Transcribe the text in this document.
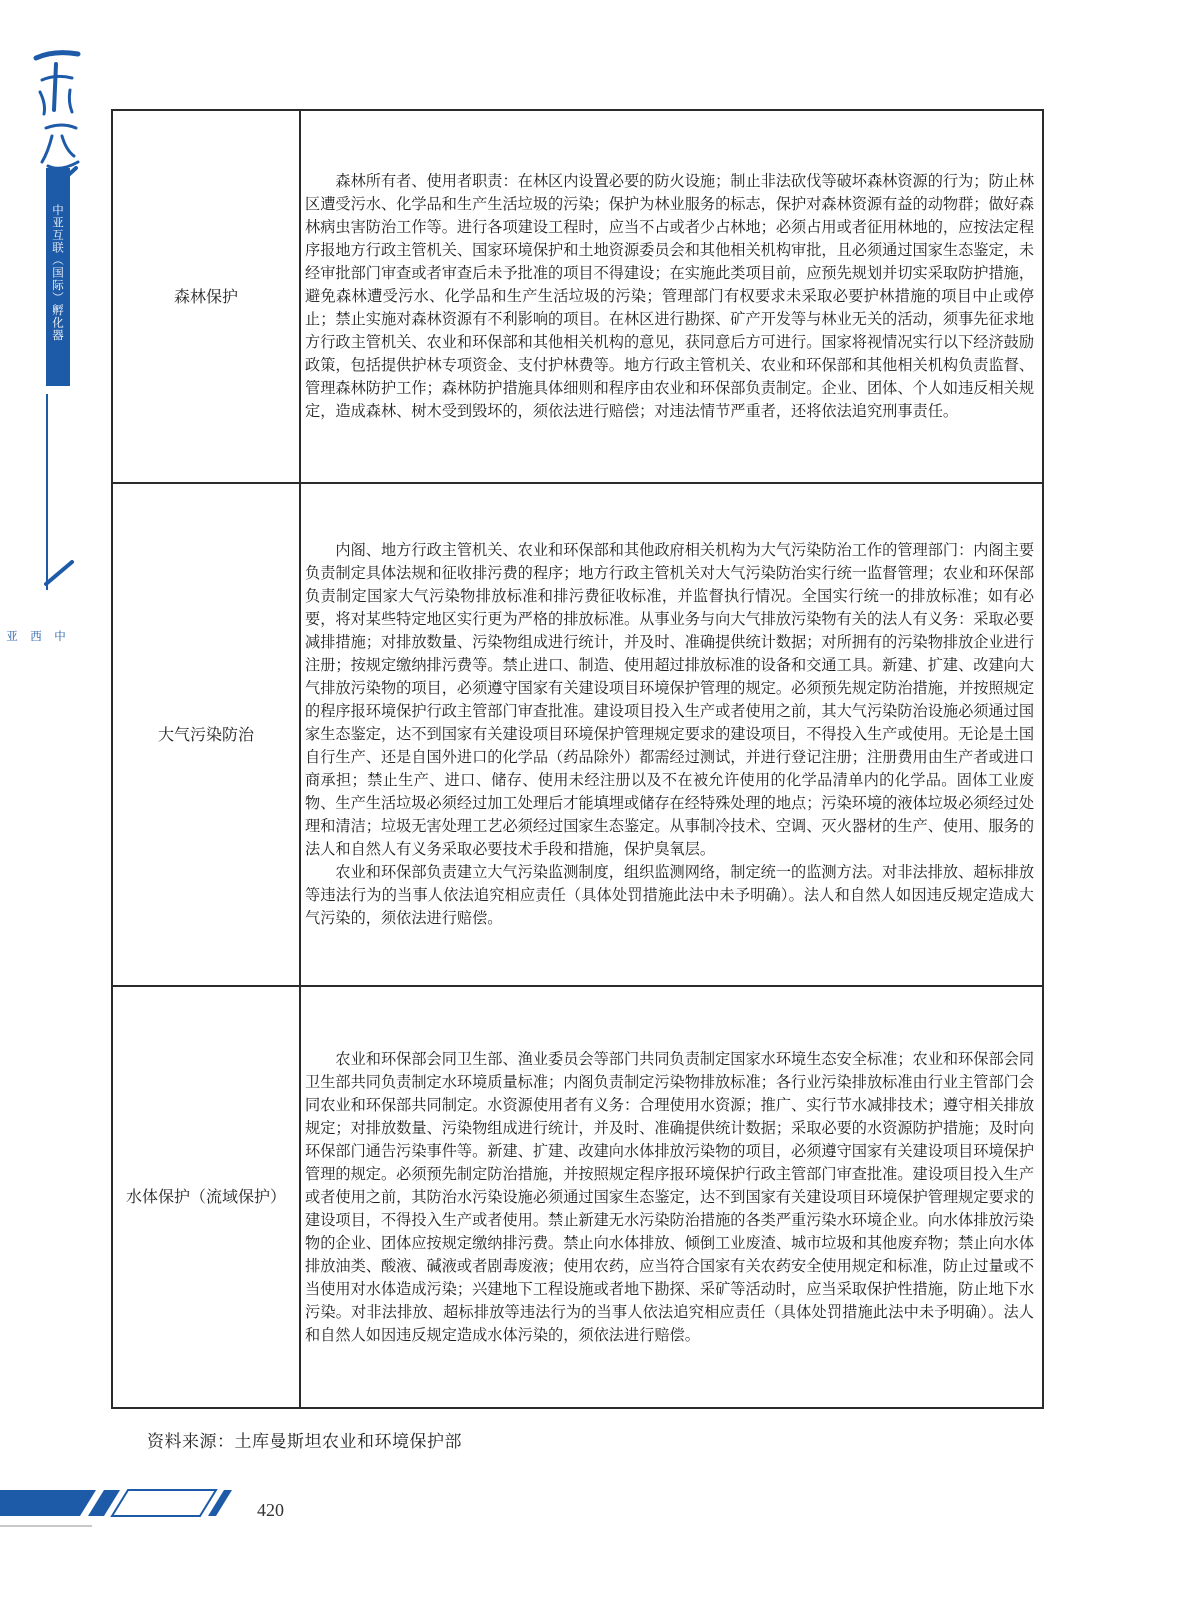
中亚互联（国际）孵化器
中西亚
森林保护	森林所有者、使用者职责：在林区内设置必要的防火设施；制止非法砍伐等破坏森林资源的行为；防止林区遭受污水、化学品和生产生活垃圾的污染；保护为林业服务的标志，保护对森林资源有益的动物群；做好森林病虫害防治工作等。进行各项建设工程时，应当不占或者少占林地；必须占用或者征用林地的，应按法定程序报地方行政主管机关、国家环境保护和土地资源委员会和其他相关机构审批，且必须通过国家生态鉴定，未经审批部门审查或者审查后未予批准的项目不得建设；在实施此类项目前，应预先规划并切实采取防护措施，避免森林遭受污水、化学品和生产生活垃圾的污染；管理部门有权要求未采取必要护林措施的项目中止或停止；禁止实施对森林资源有不利影响的项目。在林区进行勘探、矿产开发等与林业无关的活动，须事先征求地方行政主管机关、农业和环保部和其他相关机构的意见，获同意后方可进行。国家将视情况实行以下经济鼓励政策，包括提供护林专项资金、支付护林费等。地方行政主管机关、农业和环保部和其他相关机构负责监督、管理森林防护工作；森林防护措施具体细则和程序由农业和环保部负责制定。企业、团体、个人如违反相关规定，造成森林、树木受到毁坏的，须依法进行赔偿；对违法情节严重者，还将依法追究刑事责任。

大气污染防治	内阁、地方行政主管机关、农业和环保部和其他政府相关机构为大气污染防治工作的管理部门：内阁主要负责制定具体法规和征收排污费的程序；地方行政主管机关对大气污染防治实行统一监督管理；农业和环保部负责制定国家大气污染物排放标准和排污费征收标准，并监督执行情况。全国实行统一的排放标准；如有必要，将对某些特定地区实行更为严格的排放标准。从事业务与向大气排放污染物有关的法人有义务：采取必要减排措施；对排放数量、污染物组成进行统计，并及时、准确提供统计数据；对所拥有的污染物排放企业进行注册；按规定缴纳排污费等。禁止进口、制造、使用超过排放标准的设备和交通工具。新建、扩建、改建向大气排放污染物的项目，必须遵守国家有关建设项目环境保护管理的规定。必须预先规定防治措施，并按照规定的程序报环境保护行政主管部门审查批准。建设项目投入生产或者使用之前，其大气污染防治设施必须通过国家生态鉴定，达不到国家有关建设项目环境保护管理规定要求的建设项目，不得投入生产或使用。无论是土国自行生产、还是自国外进口的化学品（药品除外）都需经过测试，并进行登记注册；注册费用由生产者或进口商承担；禁止生产、进口、储存、使用未经注册以及不在被允许使用的化学品清单内的化学品。固体工业废物、生产生活垃圾必须经过加工处理后才能填埋或储存在经特殊处理的地点；污染环境的液体垃圾必须经过处理和清洁；垃圾无害处理工艺必须经过国家生态鉴定。从事制冷技术、空调、灭火器材的生产、使用、服务的法人和自然人有义务采取必要技术手段和措施，保护臭氧层。

农业和环保部负责建立大气污染监测制度，组织监测网络，制定统一的监测方法。对非法排放、超标排放等违法行为的当事人依法追究相应责任（具体处罚措施此法中未予明确）。法人和自然人如因违反规定造成大气污染的，须依法进行赔偿。

水体保护（流域保护）	农业和环保部会同卫生部、渔业委员会等部门共同负责制定国家水环境生态安全标准；农业和环保部会同卫生部共同负责制定水环境质量标准；内阁负责制定污染物排放标准；各行业污染排放标准由行业主管部门会同农业和环保部共同制定。水资源使用者有义务：合理使用水资源；推广、实行节水减排技术；遵守相关排放规定；对排放数量、污染物组成进行统计，并及时、准确提供统计数据；采取必要的水资源防护措施；及时向环保部门通告污染事件等。新建、扩建、改建向水体排放污染物的项目，必须遵守国家有关建设项目环境保护管理的规定。必须预先制定防治措施，并按照规定程序报环境保护行政主管部门审查批准。建设项目投入生产或者使用之前，其防治水污染设施必须通过国家生态鉴定，达不到国家有关建设项目环境保护管理规定要求的建设项目，不得投入生产或者使用。禁止新建无水污染防治措施的各类严重污染水环境企业。向水体排放污染物的企业、团体应按规定缴纳排污费。禁止向水体排放、倾倒工业废渣、城市垃圾和其他废弃物；禁止向水体排放油类、酸液、碱液或者剧毒废液；使用农药，应当符合国家有关农药安全使用规定和标准，防止过量或不当使用对水体造成污染；兴建地下工程设施或者地下勘探、采矿等活动时，应当采取保护性措施，防止地下水污染。对非法排放、超标排放等违法行为的当事人依法追究相应责任（具体处罚措施此法中未予明确）。法人和自然人如因违反规定造成水体污染的，须依法进行赔偿。

资料来源：土库曼斯坦农业和环境保护部
420
